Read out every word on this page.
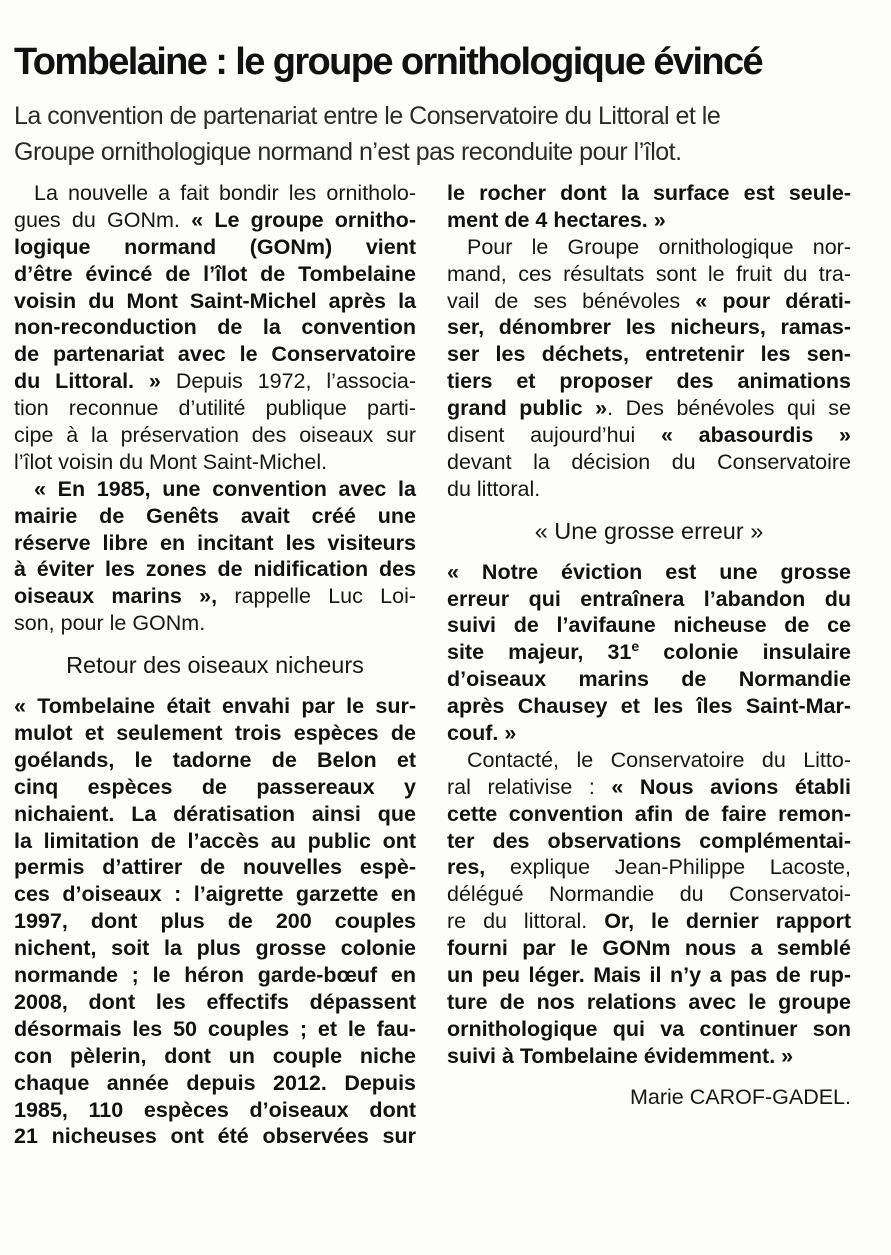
Tombelaine : le groupe ornithologique évincé

La convention de partenariat entre le Conservatoire du Littoral et le
Groupe ornithologique normand n’est pas reconduite pour l’îlot.

La nouvelle a fait bondir les ornitholo-
gues du GONm. « Le groupe ornitho-
logique normand (GONm) vient
d’être évincé de l’îlot de Tombelaine
voisin du Mont Saint-Michel après la
non-reconduction de la convention
de partenariat avec le Conservatoire
du Littoral. » Depuis 1972, l’associa-
tion reconnue d’utilité publique parti-
cipe à la préservation des oiseaux sur
l’îlot voisin du Mont Saint-Michel.
« En 1985, une convention avec la
mairie de Genêts avait créé une
réserve libre en incitant les visiteurs
à éviter les zones de nidification des
oiseaux marins », rappelle Luc Loi-
son, pour le GONm.
Retour des oiseaux nicheurs
« Tombelaine était envahi par le sur-
mulot et seulement trois espèces de
goélands, le tadorne de Belon et
cinq espèces de passereaux y
nichaient. La dératisation ainsi que
la limitation de l’accès au public ont
permis d’attirer de nouvelles espè-
ces d’oiseaux : l’aigrette garzette en
1997, dont plus de 200 couples
nichent, soit la plus grosse colonie
normande ; le héron garde-bœuf en
2008, dont les effectifs dépassent
désormais les 50 couples ; et le fau-
con pèlerin, dont un couple niche
chaque année depuis 2012. Depuis
1985, 110 espèces d’oiseaux dont
21 nicheuses ont été observées sur
le rocher dont la surface est seule-
ment de 4 hectares. »
Pour le Groupe ornithologique nor-
mand, ces résultats sont le fruit du tra-
vail de ses bénévoles « pour dérati-
ser, dénombrer les nicheurs, ramas-
ser les déchets, entretenir les sen-
tiers et proposer des animations
grand public ». Des bénévoles qui se
disent aujourd’hui « abasourdis »
devant la décision du Conservatoire
du littoral.
« Une grosse erreur »
« Notre éviction est une grosse
erreur qui entraînera l’abandon du
suivi de l’avifaune nicheuse de ce
site majeur, 31e colonie insulaire
d’oiseaux marins de Normandie
après Chausey et les îles Saint-Mar-
couf. »
Contacté, le Conservatoire du Litto-
ral relativise : « Nous avions établi
cette convention afin de faire remon-
ter des observations complémentai-
res, explique Jean-Philippe Lacoste,
délégué Normandie du Conservatoi-
re du littoral. Or, le dernier rapport
fourni par le GONm nous a semblé
un peu léger. Mais il n’y a pas de rup-
ture de nos relations avec le groupe
ornithologique qui va continuer son
suivi à Tombelaine évidemment. »
Marie CAROF-GADEL.
